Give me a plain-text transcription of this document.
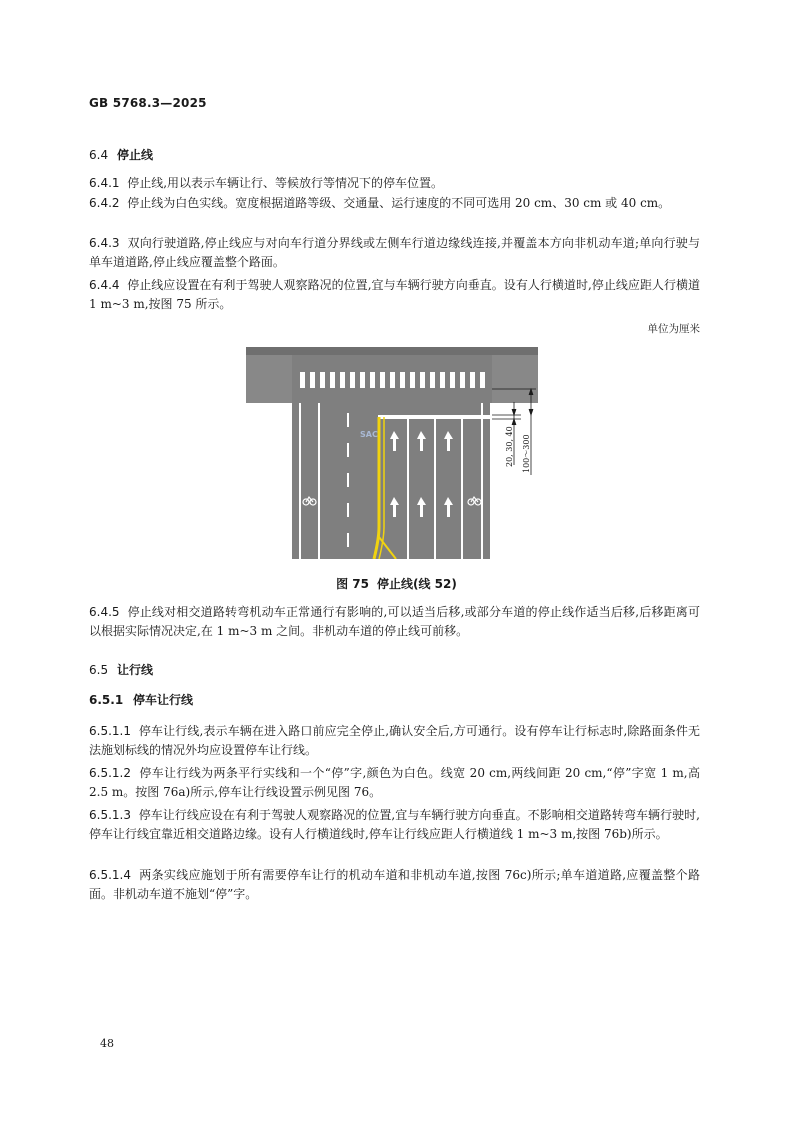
GB 5768.3—2025
6.4 停止线
6.4.1 停止线,用以表示车辆让行、等候放行等情况下的停车位置。
6.4.2 停止线为白色实线。宽度根据道路等级、交通量、运行速度的不同可选用 20 cm、30 cm 或 40 cm。
6.4.3 双向行驶道路,停止线应与对向车行道分界线或左侧车行道边缘线连接,并覆盖本方向非机动车道;单向行驶与单车道道路,停止线应覆盖整个路面。
6.4.4 停止线应设置在有利于驾驶人观察路况的位置,宜与车辆行驶方向垂直。设有人行横道时,停止线应距人行横道 1 m~3 m,按图 75 所示。
单位为厘米
SAC	20, 30, 40 100～300
图 75 停止线(线 52)
6.4.5 停止线对相交道路转弯机动车正常通行有影响的,可以适当后移,或部分车道的停止线作适当后移,后移距离可以根据实际情况决定,在 1 m~3 m 之间。非机动车道的停止线可前移。
6.5 让行线
6.5.1 停车让行线
6.5.1.1 停车让行线,表示车辆在进入路口前应完全停止,确认安全后,方可通行。设有停车让行标志时,除路面条件无法施划标线的情况外均应设置停车让行线。
6.5.1.2 停车让行线为两条平行实线和一个“停”字,颜色为白色。线宽 20 cm,两线间距 20 cm,“停”字宽 1 m,高 2.5 m。按图 76a)所示,停车让行线设置示例见图 76。
6.5.1.3 停车让行线应设在有利于驾驶人观察路况的位置,宜与车辆行驶方向垂直。不影响相交道路转弯车辆行驶时,停车让行线宜靠近相交道路边缘。设有人行横道线时,停车让行线应距人行横道线 1 m~3 m,按图 76b)所示。
6.5.1.4 两条实线应施划于所有需要停车让行的机动车道和非机动车道,按图 76c)所示;单车道道路,应覆盖整个路面。非机动车道不施划“停”字。
48
